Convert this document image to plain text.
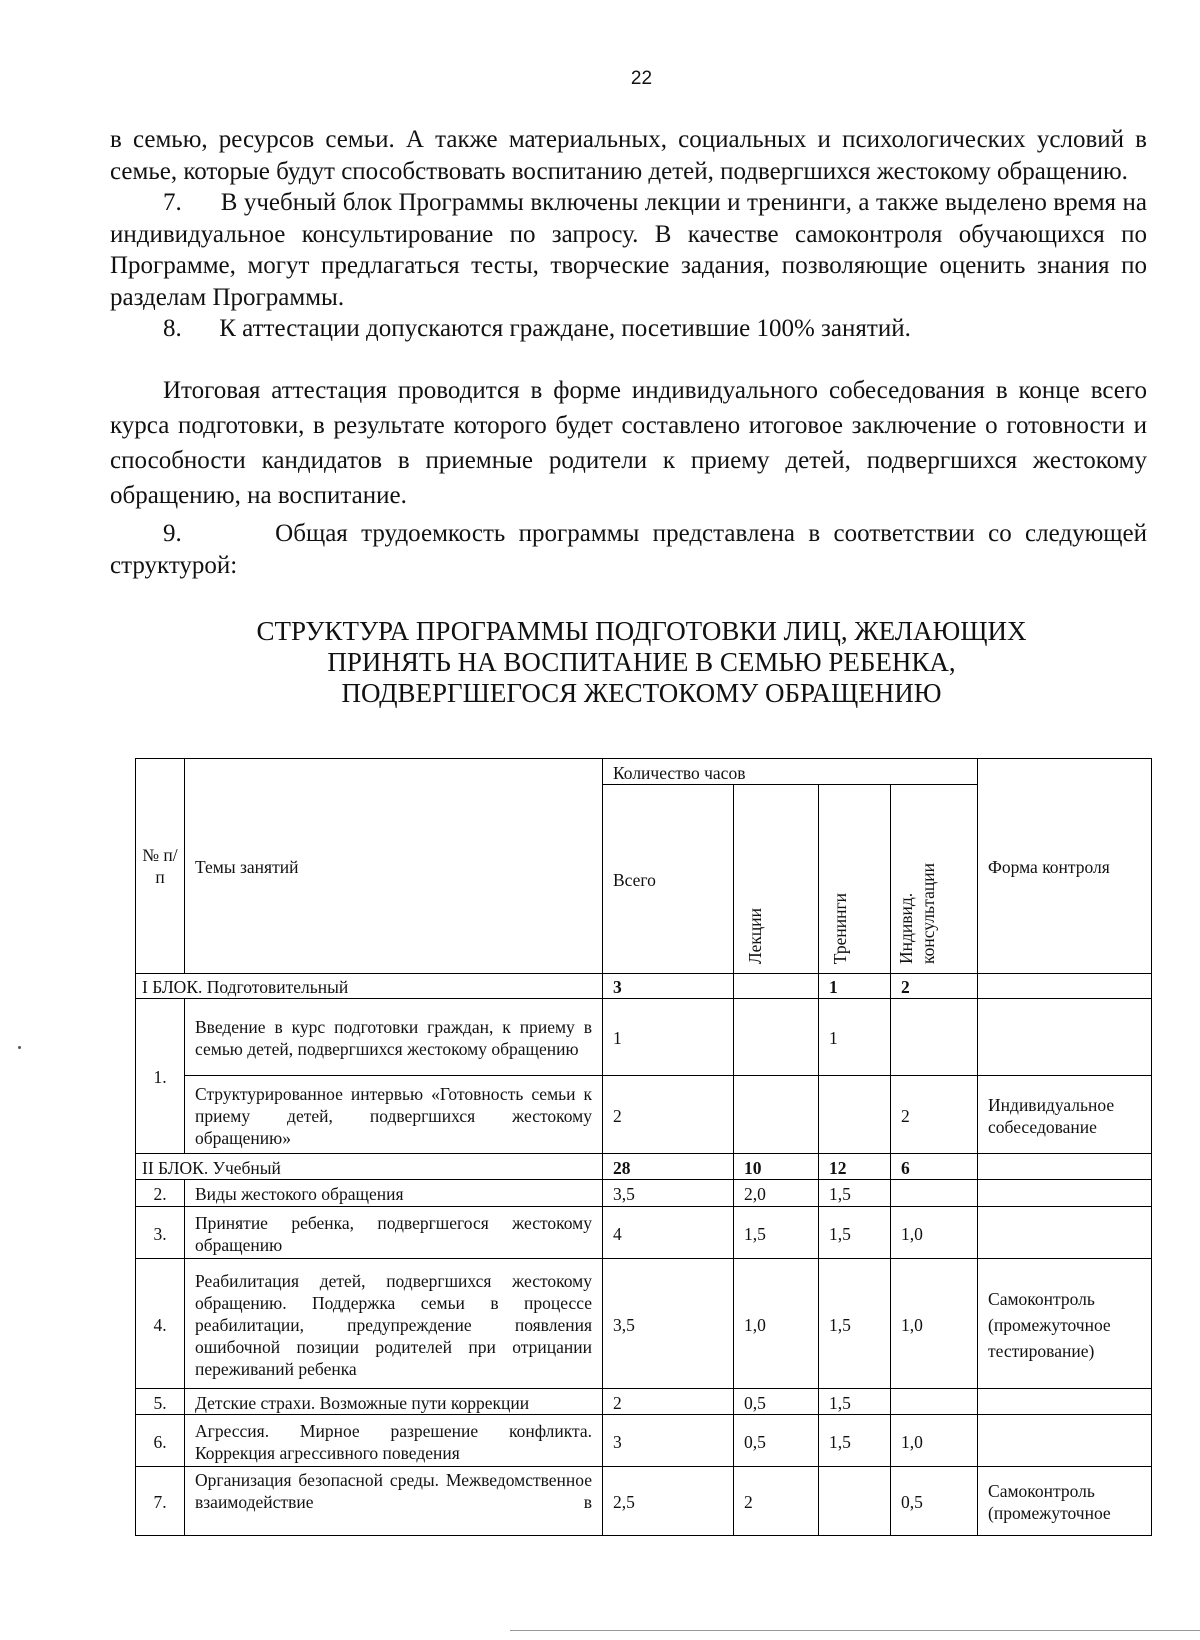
22

в семью, ресурсов семьи. А также материальных, социальных и психологических условий в семье, которые будут способствовать воспитанию детей, подвергшихся жестокому обращению.

7. В учебный блок Программы включены лекции и тренинги, а также выделено время на индивидуальное консультирование по запросу. В качестве самоконтроля обучающихся по Программе, могут предлагаться тесты, творческие задания, позволяющие оценить знания по разделам Программы.

8. К аттестации допускаются граждане, посетившие 100% занятий.

Итоговая аттестация проводится в форме индивидуального собеседования в конце всего курса подготовки, в результате которого будет составлено итоговое заключение о готовности и способности кандидатов в приемные родители к приему детей, подвергшихся жестокому обращению, на воспитание.

9.	Общая трудоемкость программы представлена в соответствии со следующей структурой:

СТРУКТУРА ПРОГРАММЫ ПОДГОТОВКИ ЛИЦ, ЖЕЛАЮЩИХ
ПРИНЯТЬ НА ВОСПИТАНИЕ В СЕМЬЮ РЕБЕНКА,
ПОДВЕРГШЕГОСЯ ЖЕСТОКОМУ ОБРАЩЕНИЮ
№ п/п	Темы занятий	Количество часов				Форма контроля
		Всего	Лекции	Тренинги	Индивид. консультации	
I БЛОК. Подготовительный		3		1	2	
1.	Введение в курс подготовки граждан, к приему в семью детей, подвергшихся жестокому обращению	1		1		
	Структурированное интервью «Готовность семьи к приему детей, подвергшихся жестокому обращению»	2			2	Индивидуальное собеседование
II БЛОК. Учебный		28	10	12	6	
2.	Виды жестокого обращения	3,5	2,0	1,5		
3.	Принятие ребенка, подвергшегося жестокому обращению	4	1,5	1,5	1,0	
4.	Реабилитация детей, подвергшихся жестокому обращению. Поддержка семьи в процессе реабилитации, предупреждение появления ошибочной позиции родителей при отрицании переживаний ребенка	3,5	1,0	1,5	1,0	Самоконтроль (промежуточное тестирование)
5.	Детские страхи. Возможные пути коррекции	2	0,5	1,5		
6.	Агрессия. Мирное разрешение конфликта. Коррекция агрессивного поведения	3	0,5	1,5	1,0	
7.	Организация безопасной среды. Межведомственное взаимодействие в	2,5	2		0,5	Самоконтроль (промежуточное
